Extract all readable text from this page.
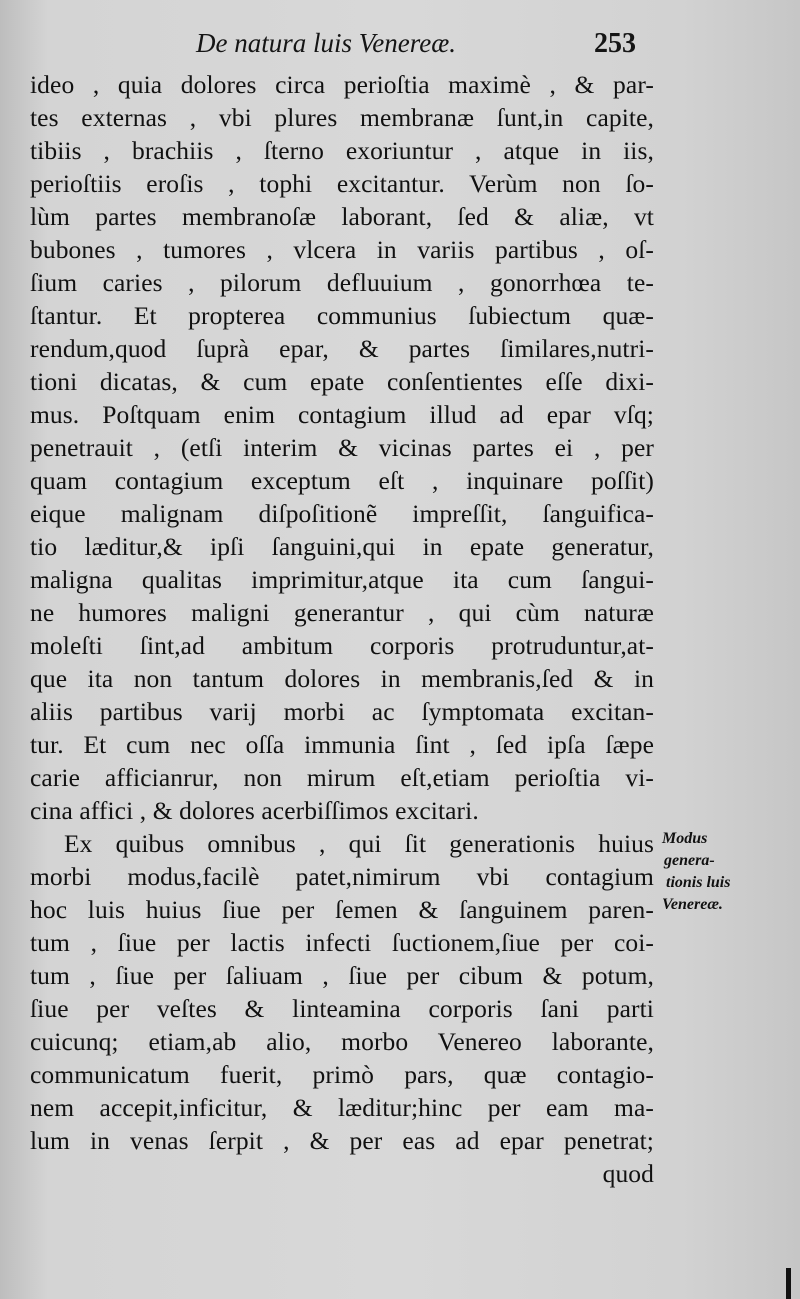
De natura luis Venereæ.	253
ideo , quia dolores circa perioſtia maximè , & par-
tes externas , vbi plures membranæ ſunt,in capite,
tibiis , brachiis , ſterno exoriuntur , atque in iis,
perioſtiis eroſis , tophi excitantur. Verùm non ſo-
lùm partes membranoſæ laborant, ſed & aliæ, vt
bubones , tumores , vlcera in variis partibus , oſ-
ſium caries , pilorum defluuium , gonorrhœa te-
ſtantur. Et propterea communius ſubiectum quæ-
rendum,quod ſuprà epar, & partes ſimilares,nutri-
tioni dicatas, & cum epate conſentientes eſſe dixi-
mus. Poſtquam enim contagium illud ad epar vſq;
penetrauit , (etſi interim & vicinas partes ei , per
quam contagium exceptum eſt , inquinare poſſit)
eique malignam diſpoſitionẽ impreſſit, ſanguifica-
tio læditur,& ipſi ſanguini,qui in epate generatur,
maligna qualitas imprimitur,atque ita cum ſangui-
ne humores maligni generantur , qui cùm naturæ
moleſti ſint,ad ambitum corporis protruduntur,at-
que ita non tantum dolores in membranis,ſed & in
aliis partibus varij morbi ac ſymptomata excitan-
tur. Et cum nec oſſa immunia ſint , ſed ipſa ſæpe
carie afficianrur, non mirum eſt,etiam perioſtia vi-
cina affici , & dolores acerbiſſimos excitari.
Ex quibus omnibus , qui ſit generationis huius
morbi modus,facilè patet,nimirum vbi contagium
hoc luis huius ſiue per ſemen & ſanguinem paren-
tum , ſiue per lactis infecti ſuctionem,ſiue per coi-
tum , ſiue per ſaliuam , ſiue per cibum & potum,
ſiue per veſtes & linteamina corporis ſani parti
cuicunq; etiam,ab alio, morbo Venereo laborante,
communicatum fuerit, primò pars, quæ contagio-
nem accepit,inficitur, & læditur;hinc per eam ma-
lum in venas ſerpit , & per eas ad epar penetrat;
quod
Modus
genera-
tionis luis
Venereæ.
